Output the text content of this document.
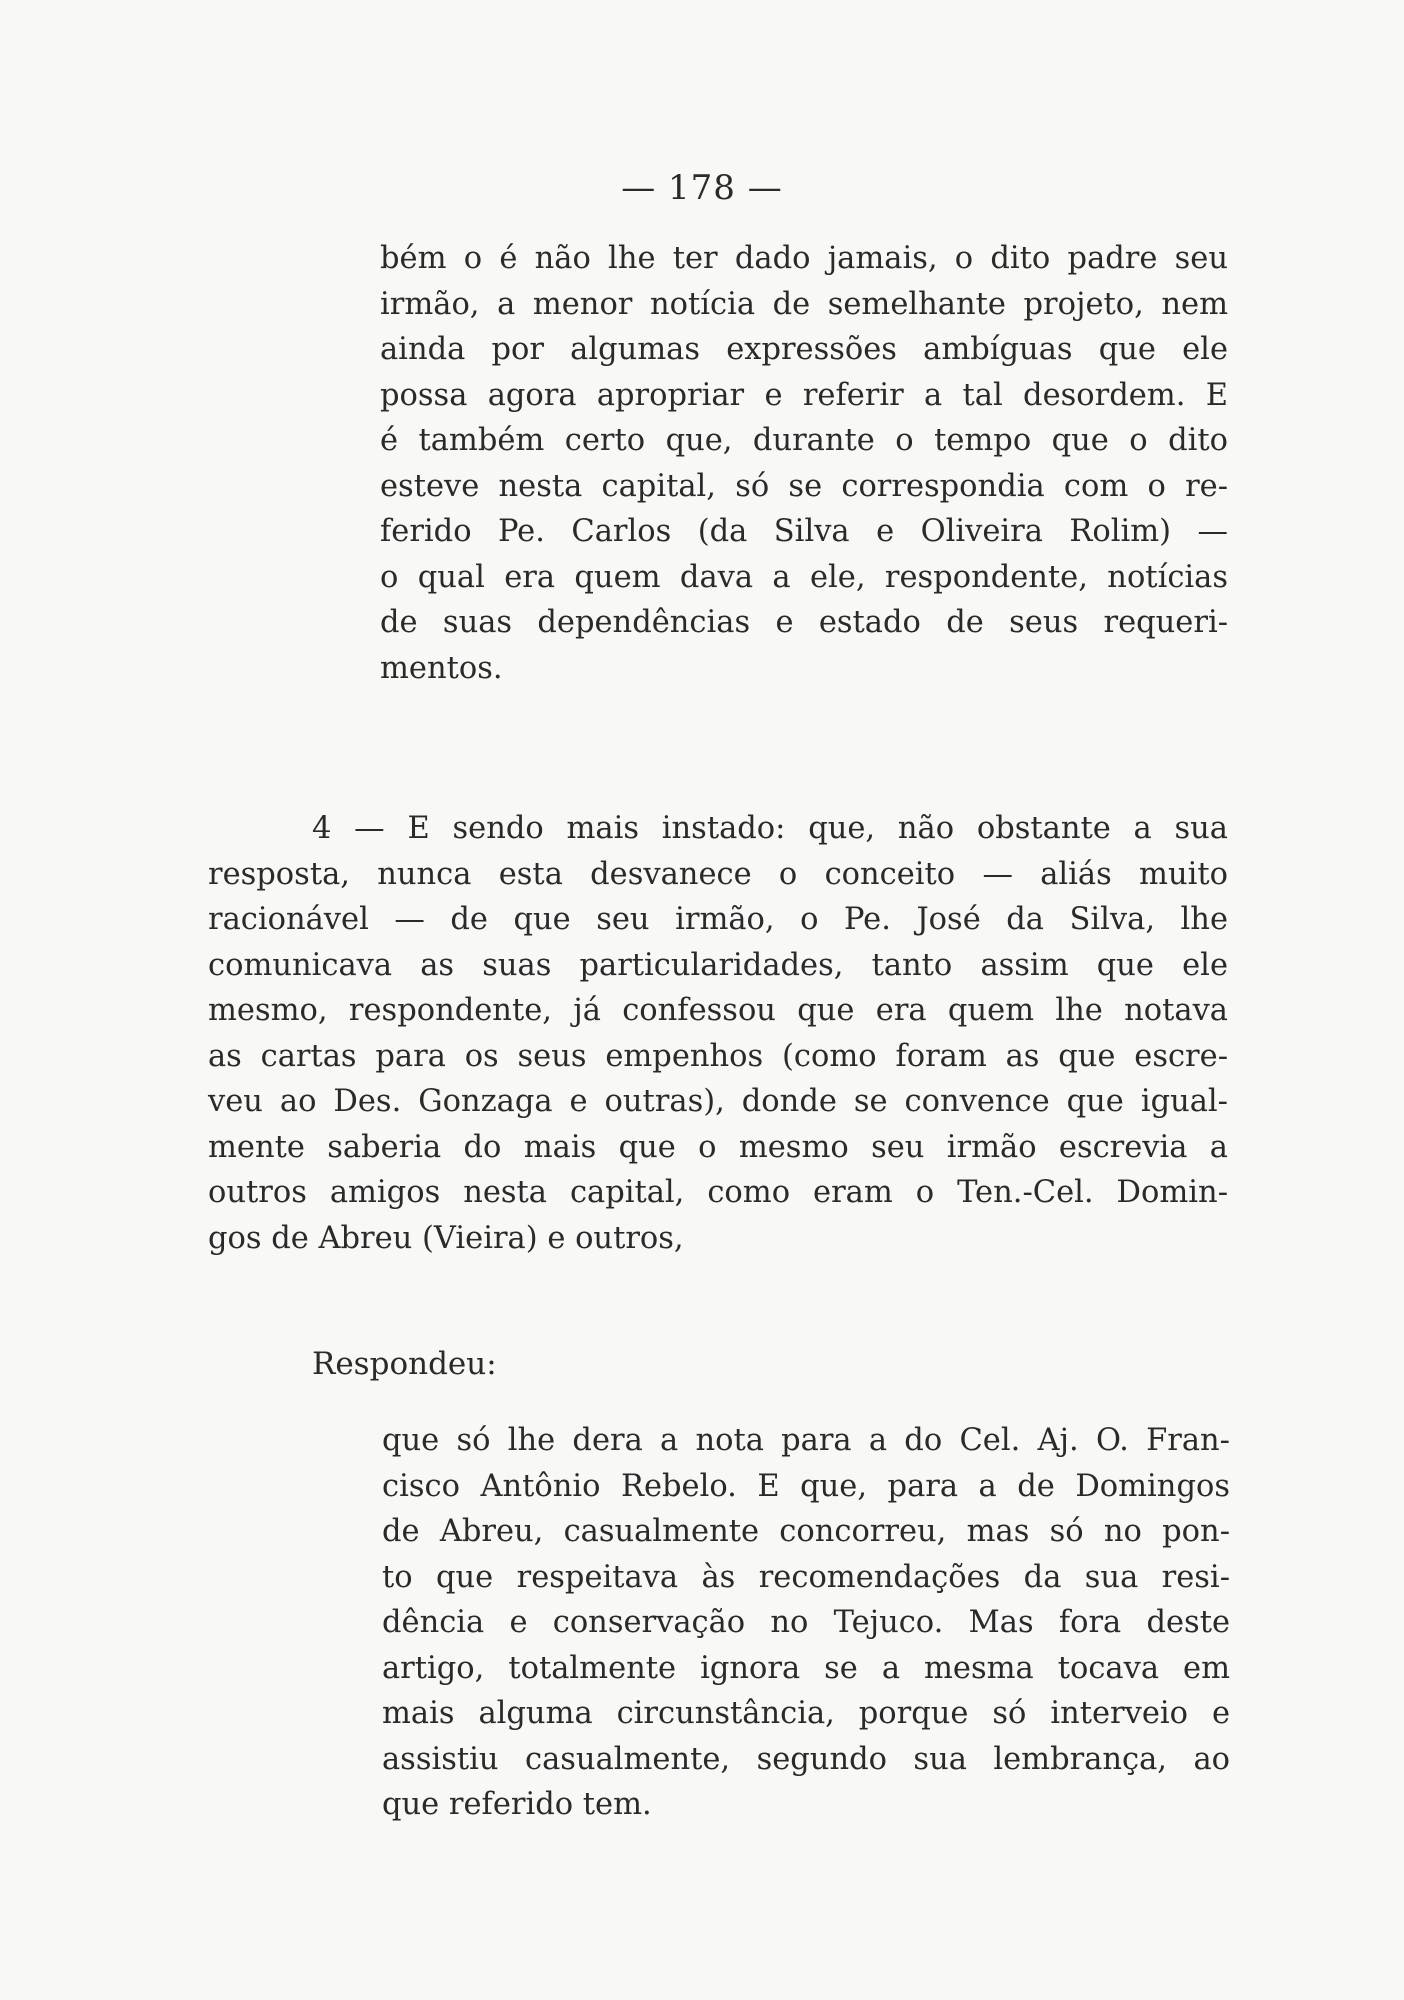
— 178 —

bém o é não lhe ter dado jamais, o dito padre seu
irmão, a menor notícia de semelhante projeto, nem
ainda por algumas expressões ambíguas que ele
possa agora apropriar e referir a tal desordem. E
é também certo que, durante o tempo que o dito
esteve nesta capital, só se correspondia com o re-
ferido Pe. Carlos (da Silva e Oliveira Rolim) —
o qual era quem dava a ele, respondente, notícias
de suas dependências e estado de seus requeri-
mentos.
4 — E sendo mais instado: que, não obstante a sua
resposta, nunca esta desvanece o conceito — aliás muito
racionável — de que seu irmão, o Pe. José da Silva, lhe
comunicava as suas particularidades, tanto assim que ele
mesmo, respondente, já confessou que era quem lhe notava
as cartas para os seus empenhos (como foram as que escre-
veu ao Des. Gonzaga e outras), donde se convence que igual-
mente saberia do mais que o mesmo seu irmão escrevia a
outros amigos nesta capital, como eram o Ten.-Cel. Domin-
gos de Abreu (Vieira) e outros,

Respondeu:

que só lhe dera a nota para a do Cel. Aj. O. Fran-
cisco Antônio Rebelo. E que, para a de Domingos
de Abreu, casualmente concorreu, mas só no pon-
to que respeitava às recomendações da sua resi-
dência e conservação no Tejuco. Mas fora deste
artigo, totalmente ignora se a mesma tocava em
mais alguma circunstância, porque só interveio e
assistiu casualmente, segundo sua lembrança, ao
que referido tem.
